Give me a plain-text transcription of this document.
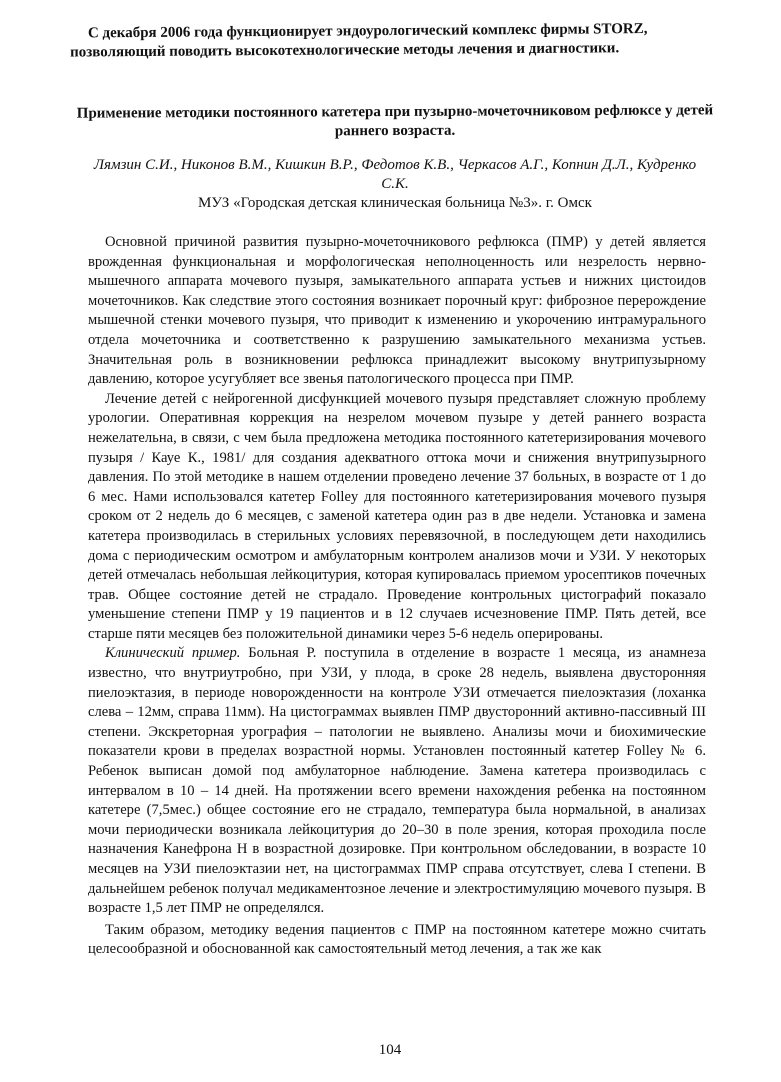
С декабря 2006 года функционирует эндоурологический комплекс фирмы STORZ, позволяющий поводить высокотехнологические методы лечения и диагностики.
Применение методики постоянного катетера при пузырно-мочеточниковом рефлюксе у детей раннего возраста.
Лямзин С.И., Никонов В.М., Кишкин В.Р., Федотов К.В., Черкасов А.Г., Копнин Д.Л., Кудренко С.К.
МУЗ «Городская детская клиническая больница №3». г. Омск

Основной причиной развития пузырно-мочеточникового рефлюкса (ПМР) у детей является врожденная функциональная и морфологическая неполноценность или незрелость нервно-мышечного аппарата мочевого пузыря, замыкательного аппарата устьев и нижних цистоидов мочеточников. Как следствие этого состояния возникает порочный круг: фиброзное перерождение мышечной стенки мочевого пузыря, что приводит к изменению и укорочению интрамурального отдела мочеточника и соответственно к разрушению замыкательного механизма устьев. Значительная роль в возникновении рефлюкса принадлежит высокому внутрипузырному давлению, которое усугубляет все звенья патологического процесса при ПМР.

Лечение детей с нейрогенной дисфункцией мочевого пузыря представляет сложную проблему урологии. Оперативная коррекция на незрелом мочевом пузыре у детей раннего возраста нежелательна, в связи, с чем была предложена методика постоянного катетеризирования мочевого пузыря / Кауе К., 1981/ для создания адекватного оттока мочи и снижения внутрипузырного давления. По этой методике в нашем отделении проведено лечение 37 больных, в возрасте от 1 до 6 мес. Нами использовался катетер Folley для постоянного катетеризирования мочевого пузыря сроком от 2 недель до 6 месяцев, с заменой катетера один раз в две недели. Установка и замена катетера производилась в стерильных условиях перевязочной, в последующем дети находились дома с периодическим осмотром и амбулаторным контролем анализов мочи и УЗИ. У некоторых детей отмечалась небольшая лейкоцитурия, которая купировалась приемом уросептиков почечных трав. Общее состояние детей не страдало. Проведение контрольных цистографий показало уменьшение степени ПМР у 19 пациентов и в 12 случаев исчезновение ПМР. Пять детей, все старше пяти месяцев без положительной динамики через 5-6 недель оперированы.

Клинический пример. Больная Р. поступила в отделение в возрасте 1 месяца, из анамнеза известно, что внутриутробно, при УЗИ, у плода, в сроке 28 недель, выявлена двусторонняя пиелоэктазия, в периоде новорожденности на контроле УЗИ отмечается пиелоэктазия (лоханка слева – 12мм, справа 11мм). На цистограммах выявлен ПМР двусторонний активно-пассивный III степени. Экскреторная урография – патологии не выявлено. Анализы мочи и биохимические показатели крови в пределах возрастной нормы. Установлен постоянный катетер Folley № 6. Ребенок выписан домой под амбулаторное наблюдение. Замена катетера производилась с интервалом в 10 – 14 дней. На протяжении всего времени нахождения ребенка на постоянном катетере (7,5мес.) общее состояние его не страдало, температура была нормальной, в анализах мочи периодически возникала лейкоцитурия до 20–30 в поле зрения, которая проходила после назначения Канефрона Н в возрастной дозировке. При контрольном обследовании, в возрасте 10 месяцев на УЗИ пиелоэктазии нет, на цистограммах ПМР справа отсутствует, слева I степени. В дальнейшем ребенок получал медикаментозное лечение и электростимуляцию мочевого пузыря. В возрасте 1,5 лет ПМР не определялся.

Таким образом, методику ведения пациентов с ПМР на постоянном катетере можно считать целесообразной и обоснованной как самостоятельный метод лечения, а так же как

104
